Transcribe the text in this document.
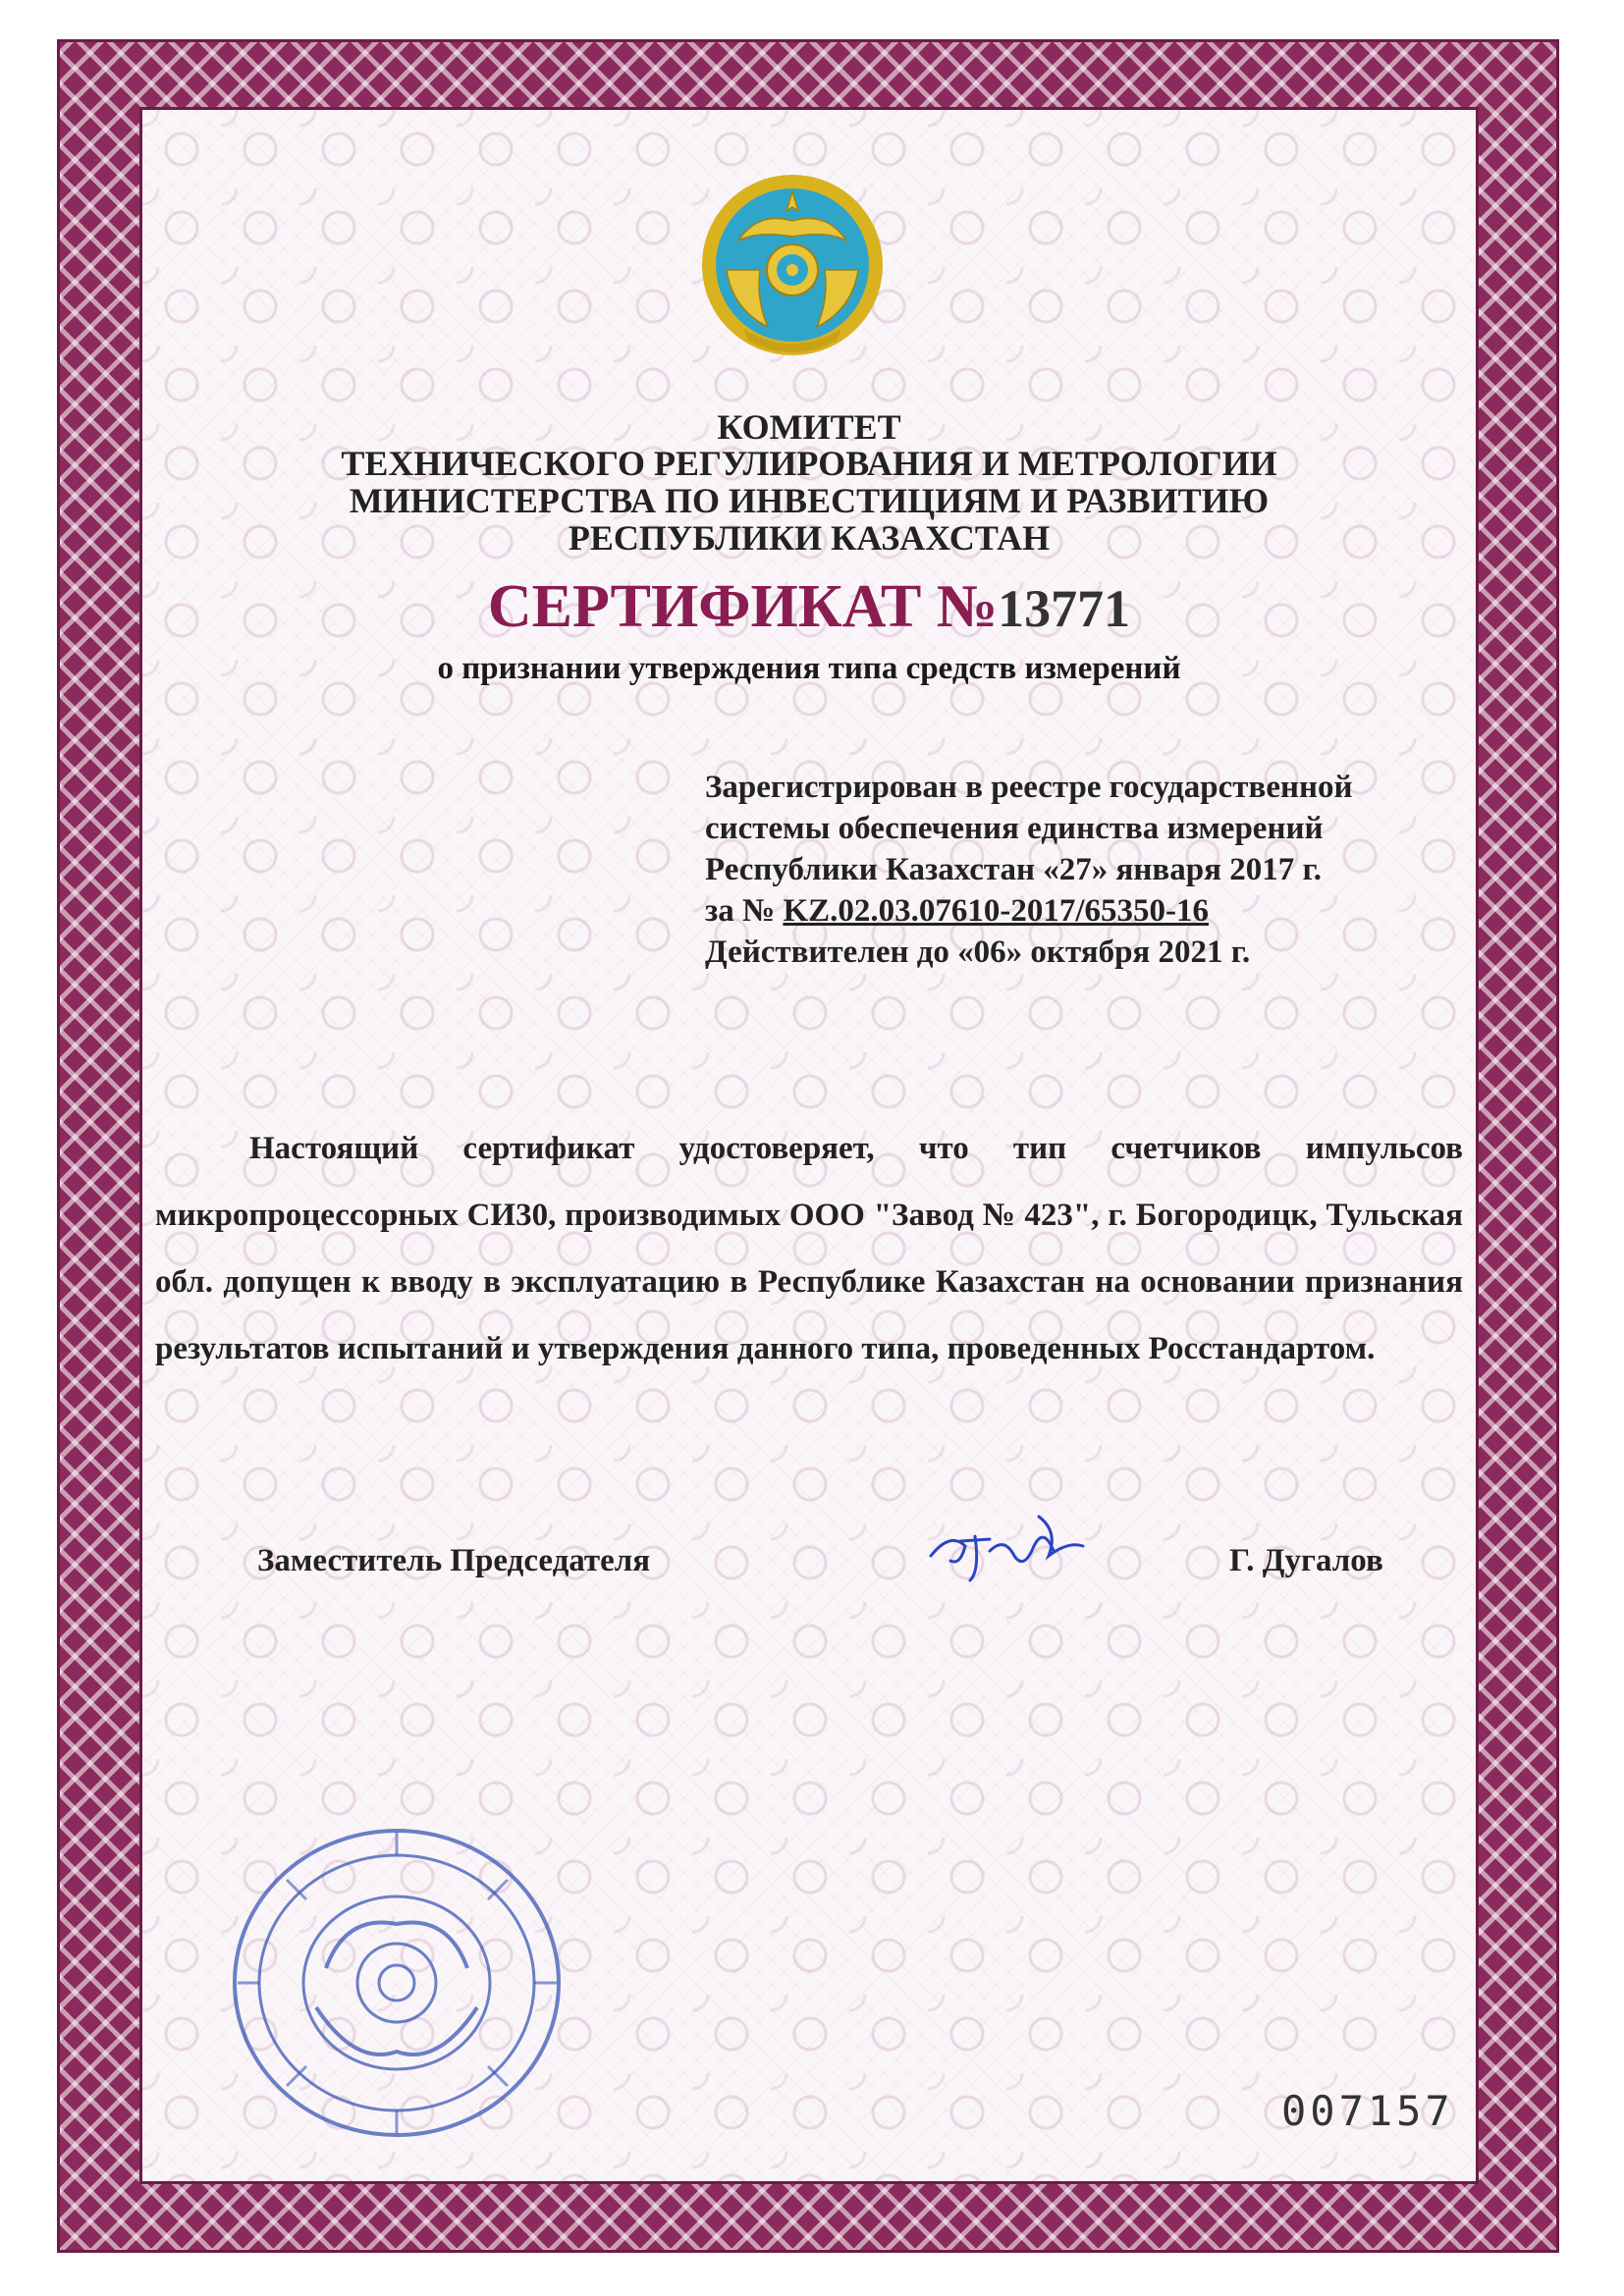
КОМИТЕТ
ТЕХНИЧЕСКОГО РЕГУЛИРОВАНИЯ И МЕТРОЛОГИИ
МИНИСТЕРСТВА ПО ИНВЕСТИЦИЯМ И РАЗВИТИЮ
РЕСПУБЛИКИ КАЗАХСТАН
СЕРТИФИКАТ №13771
о признании утверждения типа средств измерений
Зарегистрирован в реестре государственной
системы обеспечения единства измерений
Республики Казахстан «27» января 2017 г.
за № KZ.02.03.07610-2017/65350-16
Действителен до «06» октября 2021 г.

Настоящий сертификат удостоверяет, что тип счетчиков импульсов микропроцессорных СИ30, производимых ООО "Завод № 423", г. Богородицк, Тульская обл. допущен к вводу в эксплуатацию в Республике Казахстан на основании признания результатов испытаний и утверждения данного типа, проведенных Росстандартом.

Заместитель Председателя	Г. Дугалов
007157
